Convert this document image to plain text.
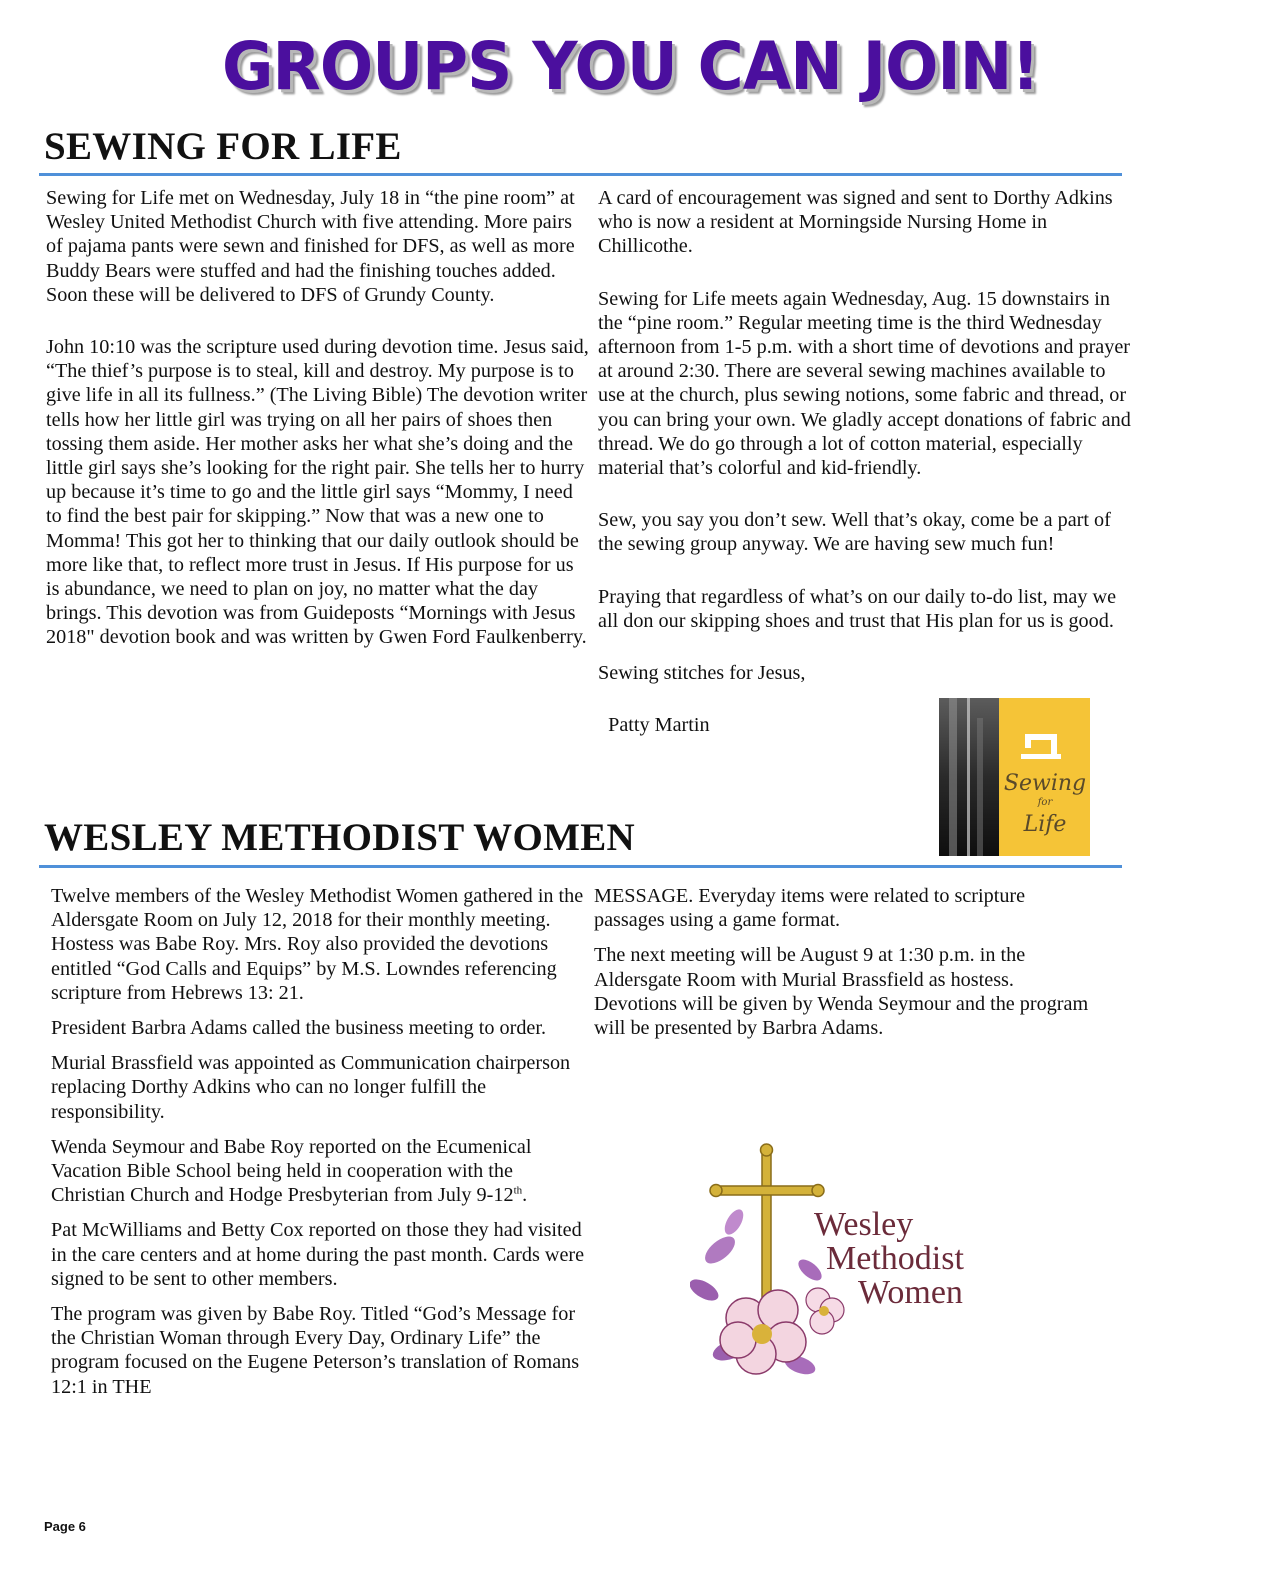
GROUPS YOU CAN JOIN!
SEWING FOR LIFE

Sewing for Life met on Wednesday, July 18 in “the pine room” at Wesley United Methodist Church with five attending. More pairs of pajama pants were sewn and finished for DFS, as well as more Buddy Bears were stuffed and had the finishing touches added. Soon these will be delivered to DFS of Grundy County.

John 10:10 was the scripture used during devotion time. Jesus said, “The thief’s purpose is to steal, kill and destroy. My purpose is to give life in all its fullness.” (The Living Bible) The devotion writer tells how her little girl was trying on all her pairs of shoes then tossing them aside. Her mother asks her what she’s doing and the little girl says she’s looking for the right pair. She tells her to hurry up because it’s time to go and the little girl says “Mommy, I need to find the best pair for skipping.” Now that was a new one to Momma! This got her to thinking that our daily outlook should be more like that, to reflect more trust in Jesus. If His purpose for us is abundance, we need to plan on joy, no matter what the day brings. This devotion was from Guideposts “Mornings with Jesus 2018" devotion book and was written by Gwen Ford Faulkenberry.

A card of encouragement was signed and sent to Dorthy Adkins who is now a resident at Morningside Nursing Home in Chillicothe.

Sewing for Life meets again Wednesday, Aug. 15 downstairs in the “pine room.” Regular meeting time is the third Wednesday afternoon from 1-5 p.m. with a short time of devotions and prayer at around 2:30. There are several sewing machines available to use at the church, plus sewing notions, some fabric and thread, or you can bring your own. We gladly accept donations of fabric and thread. We do go through a lot of cotton material, especially material that’s colorful and kid-friendly.

Sew, you say you don’t sew. Well that’s okay, come be a part of the sewing group anyway. We are having sew much fun!

Praying that regardless of what’s on our daily to-do list, may we all don our skipping shoes and trust that His plan for us is good.

Sewing stitches for Jesus,

Patty Martin

Sewing
for
Life
WESLEY METHODIST WOMEN

Twelve members of the Wesley Methodist Women gathered in the Aldersgate Room on July 12, 2018 for their monthly meeting. Hostess was Babe Roy. Mrs. Roy also provided the devotions entitled “God Calls and Equips” by M.S. Lowndes referencing scripture from Hebrews 13: 21.

President Barbra Adams called the business meeting to order.

Murial Brassfield was appointed as Communication chairperson replacing Dorthy Adkins who can no longer fulfill the responsibility.

Wenda Seymour and Babe Roy reported on the Ecumenical Vacation Bible School being held in cooperation with the Christian Church and Hodge Presbyterian from July 9-12th.

Pat McWilliams and Betty Cox reported on those they had visited in the care centers and at home during the past month. Cards were signed to be sent to other members.

The program was given by Babe Roy. Titled “God’s Message for the Christian Woman through Every Day, Ordinary Life” the program focused on the Eugene Peterson’s translation of Romans 12:1 in THE

MESSAGE. Everyday items were related to scripture passages using a game format.

The next meeting will be August 9 at 1:30 p.m. in the Aldersgate Room with Murial Brassfield as hostess. Devotions will be given by Wenda Seymour and the program will be presented by Barbra Adams.

Wesley
Methodist
Women
Page 6
